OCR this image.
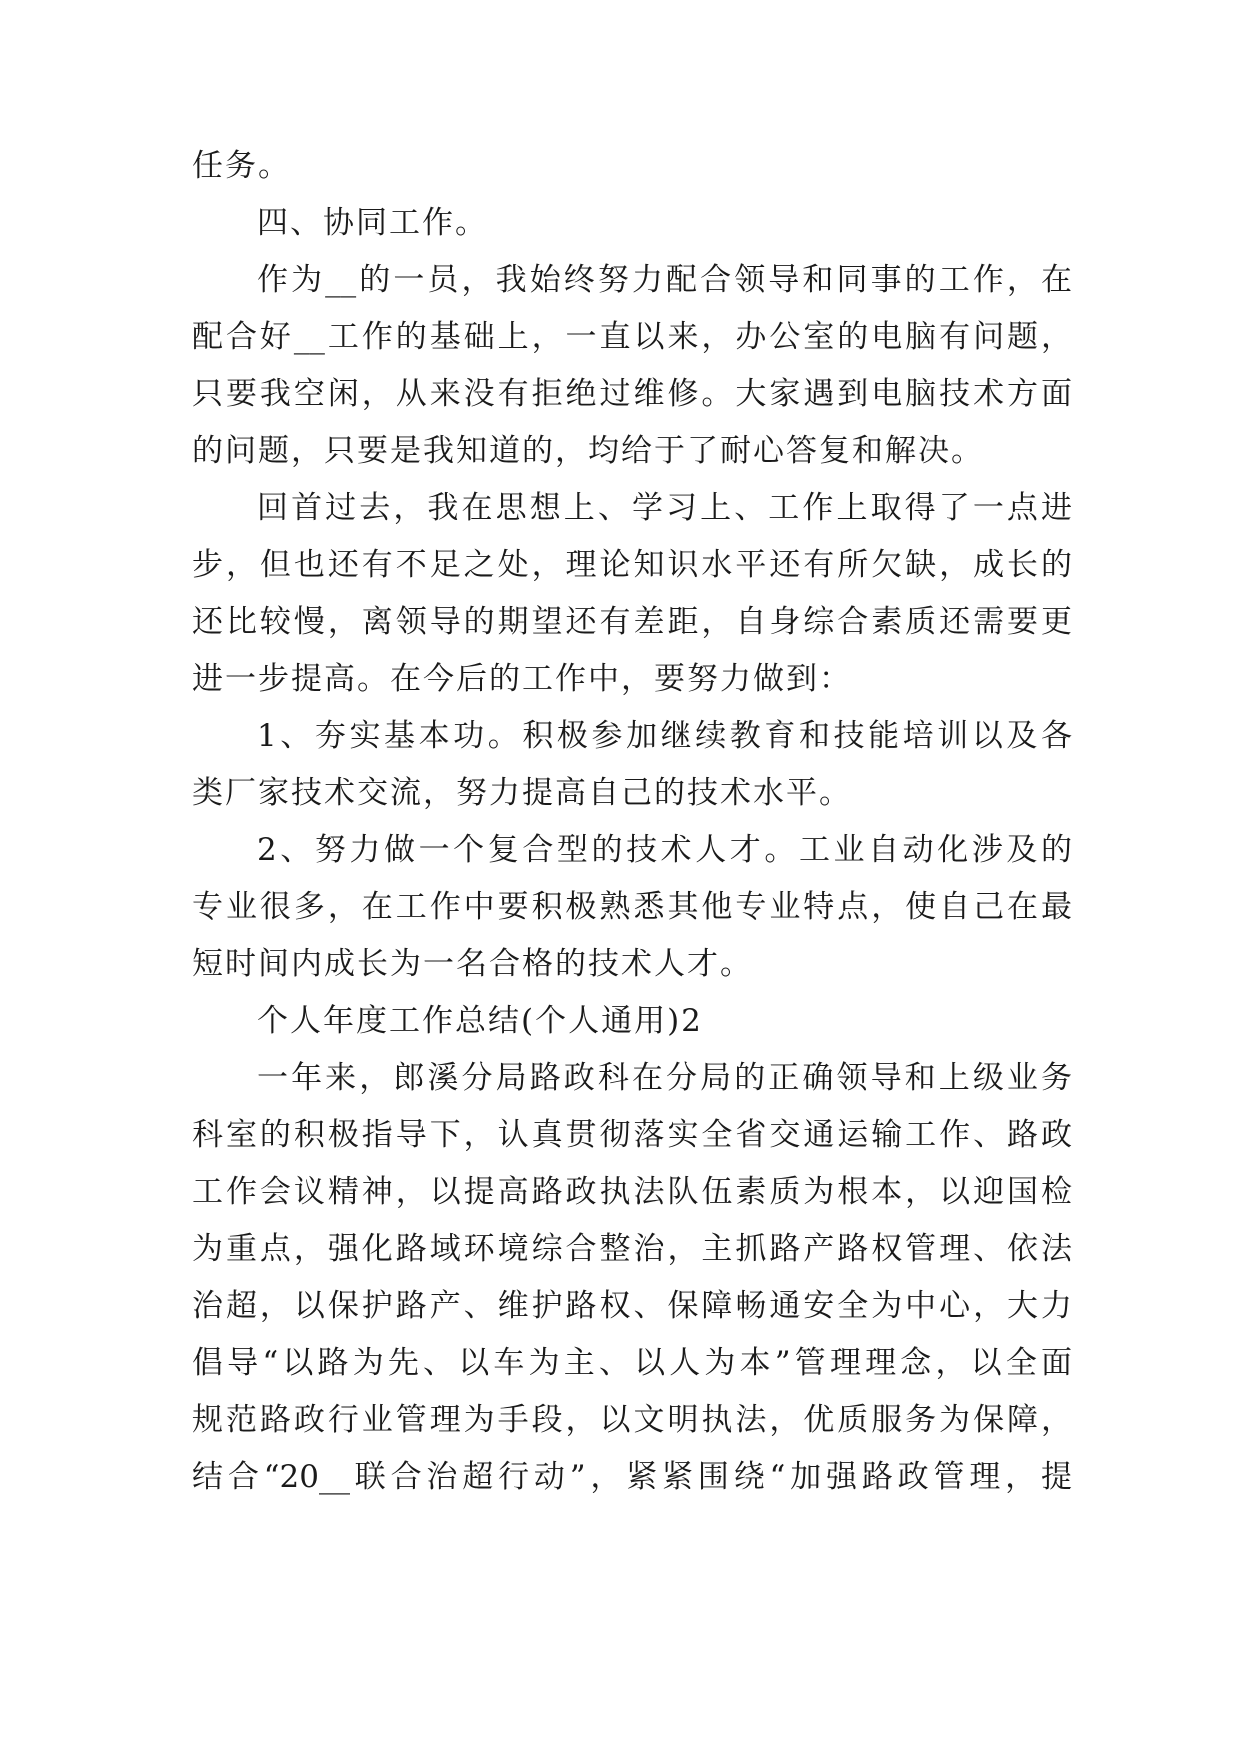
任务。
四、协同工作。
作为__的一员，我始终努力配合领导和同事的工作，在
配合好__工作的基础上，一直以来，办公室的电脑有问题，
只要我空闲，从来没有拒绝过维修。大家遇到电脑技术方面
的问题，只要是我知道的，均给于了耐心答复和解决。
回首过去，我在思想上、学习上、工作上取得了一点进
步，但也还有不足之处，理论知识水平还有所欠缺，成长的
还比较慢，离领导的期望还有差距，自身综合素质还需要更
进一步提高。在今后的工作中，要努力做到：
1、夯实基本功。积极参加继续教育和技能培训以及各
类厂家技术交流，努力提高自己的技术水平。
2、努力做一个复合型的技术人才。工业自动化涉及的
专业很多，在工作中要积极熟悉其他专业特点，使自己在最
短时间内成长为一名合格的技术人才。
个人年度工作总结(个人通用)2
一年来，郎溪分局路政科在分局的正确领导和上级业务
科室的积极指导下，认真贯彻落实全省交通运输工作、路政
工作会议精神，以提高路政执法队伍素质为根本，以迎国检
为重点，强化路域环境综合整治，主抓路产路权管理、依法
治超，以保护路产、维护路权、保障畅通安全为中心，大力
倡导“以路为先、以车为主、以人为本”管理理念，以全面
规范路政行业管理为手段，以文明执法，优质服务为保障，
结合“20__联合治超行动”，紧紧围绕“加强路政管理，提
